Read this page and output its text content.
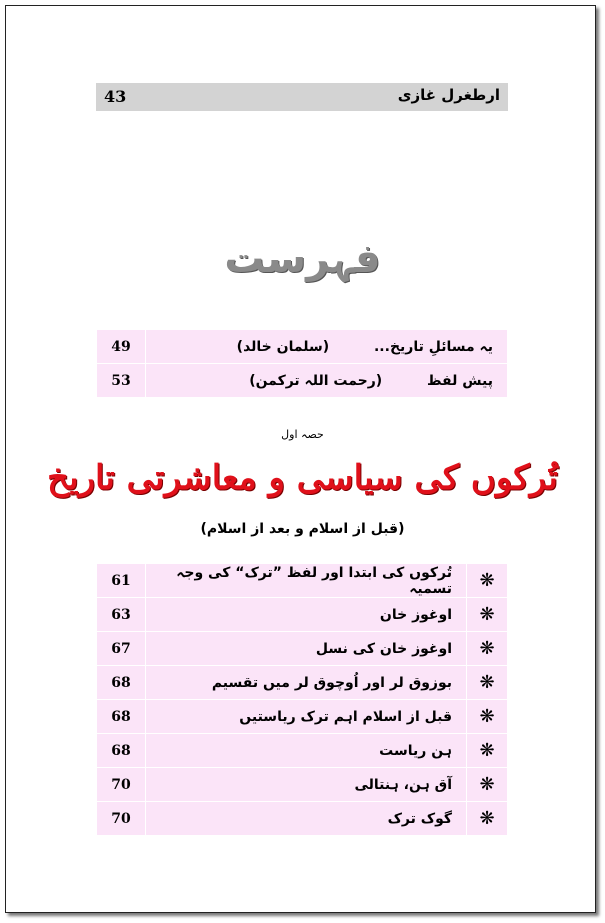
43	ارطغرل غازی
فہرست
49	یہ مسائلِ تاریخ... (سلمان خالد)
53	پیش لفظ (رحمت اللہ ترکمن)
حصہ اول
تُرکوں کی سیاسی و معاشرتی تاریخ
(قبل از اسلام و بعد از اسلام)
61	تُرکوں کی ابتدا اور لفظ ”ترک“ کی وجہ تسمیہ	❋
63	اوغوز خان	❋
67	اوغوز خان کی نسل	❋
68	بوزوق لر اور اُوچوق لر میں تقسیم	❋
68	قبل از اسلام اہم ترک ریاستیں	❋
68	ہن ریاست	❋
70	آق ہن، ہنتالی	❋
70	گوک ترک	❋
